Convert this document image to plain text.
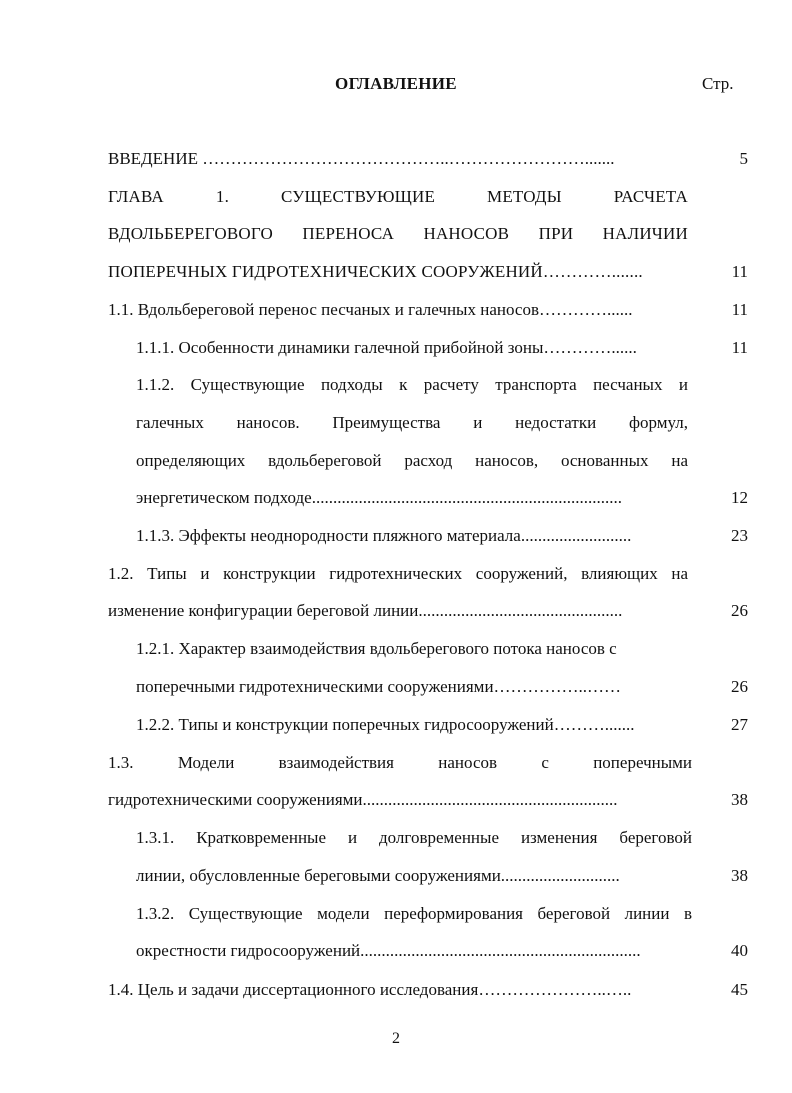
ОГЛАВЛЕНИЕ	Стр.
ВВЕДЕНИЕ ……………………………………..…………………….......	5
ГЛАВА 1. СУЩЕСТВУЮЩИЕ МЕТОДЫ РАСЧЕТА
ВДОЛЬБЕРЕГОВОГО ПЕРЕНОСА НАНОСОВ ПРИ НАЛИЧИИ
ПОПЕРЕЧНЫХ ГИДРОТЕХНИЧЕСКИХ СООРУЖЕНИЙ………….......	11
1.1. Вдольбереговой перенос песчаных и галечных наносов…………......	11
1.1.1. Особенности динамики галечной прибойной зоны…………......	11
1.1.2. Существующие подходы к расчету транспорта песчаных и
галечных наносов. Преимущества и недостатки формул,
определяющих вдольбереговой расход наносов, основанных на
энергетическом подходе.........................................................................	12
1.1.3. Эффекты неоднородности пляжного материала..........................	23
1.2. Типы и конструкции гидротехнических сооружений, влияющих на
изменение конфигурации береговой линии................................................	26
1.2.1. Характер взаимодействия вдольберегового потока наносов с
поперечными гидротехническими сооружениями……………..……	26
1.2.2. Типы и конструкции поперечных гидросооружений……….......	27
1.3. Модели взаимодействия наносов с поперечными
гидротехническими сооружениями............................................................	38
1.3.1. Кратковременные и долговременные изменения береговой
линии, обусловленные береговыми сооружениями............................	38
1.3.2. Существующие модели переформирования береговой линии в
окрестности гидросооружений..................................................................	40
1.4. Цель и задачи диссертационного исследования…………………..…..	45
2
